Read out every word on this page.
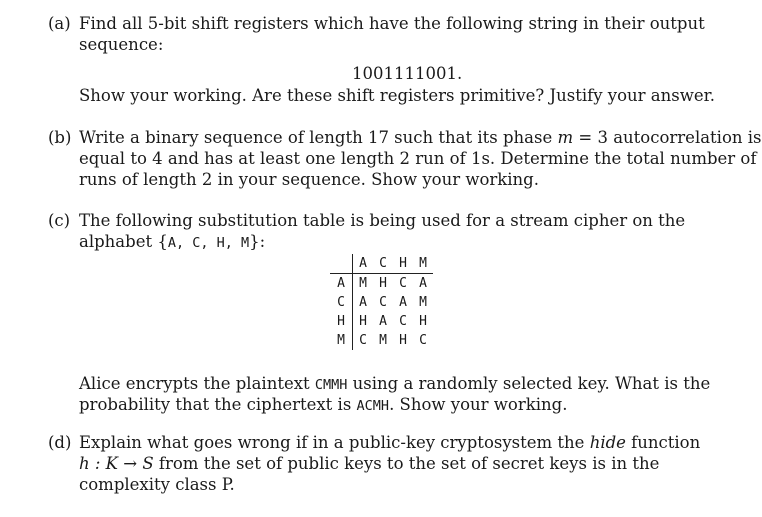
(a) Find all 5-bit shift registers which have the following string in their output
sequence:
1001111001.
Show your working. Are these shift registers primitive? Justify your answer.
(b) Write a binary sequence of length 17 such that its phase m = 3 autocorrelation is
equal to 4 and has at least one length 2 run of 1s. Determine the total number of
runs of length 2 in your sequence. Show your working.
(c) The following substitution table is being used for a stream cipher on the
alphabet {A, C, H, M}:
	A	C	H	M
A	M	H	C	A
C	A	C	A	M
H	H	A	C	H
M	C	M	H	C
Alice encrypts the plaintext CMMH using a randomly selected key. What is the
probability that the ciphertext is ACMH. Show your working.
(d) Explain what goes wrong if in a public-key cryptosystem the hide function
h : K → S from the set of public keys to the set of secret keys is in the
complexity class P.
